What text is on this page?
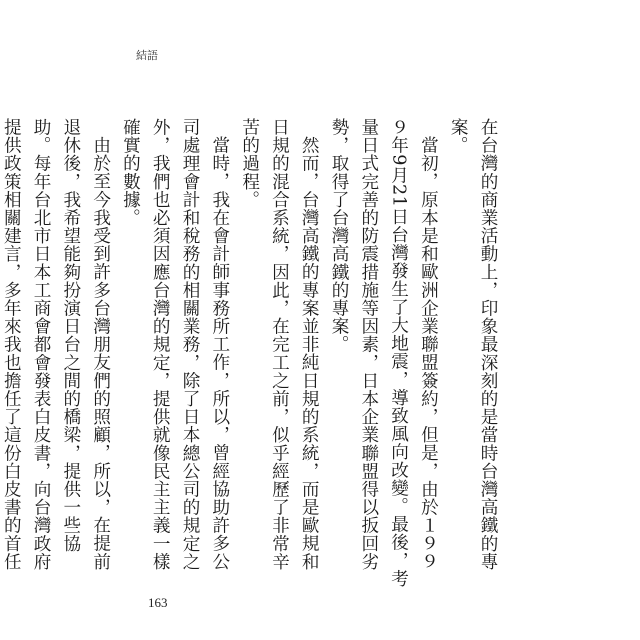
結語

在台灣的商業活動上，印象最深刻的是當時台灣高鐵的專案。

當初，原本是和歐洲企業聯盟簽約，但是，由於１９９９年9月21日台灣發生了大地震，導致風向改變。最後，考量日式完善的防震措施等因素，日本企業聯盟得以扳回劣勢，取得了台灣高鐵的專案。

然而，台灣高鐵的專案並非純日規的系統，而是歐規和日規的混合系統，因此，在完工之前，似乎經歷了非常辛苦的過程。

當時，我在會計師事務所工作，所以，曾經協助許多公司處理會計和稅務的相關業務，除了日本總公司的規定之外，我們也必須因應台灣的規定，提供就像民主主義一樣確實的數據。

由於至今我受到許多台灣朋友們的照顧，所以，在提前退休後，我希望能夠扮演日台之間的橋梁，提供一些協助。每年台北市日本工商會都會發表白皮書，向台灣政府提供政策相關建言，多年來我也擔任了這份白皮書的首任

163
